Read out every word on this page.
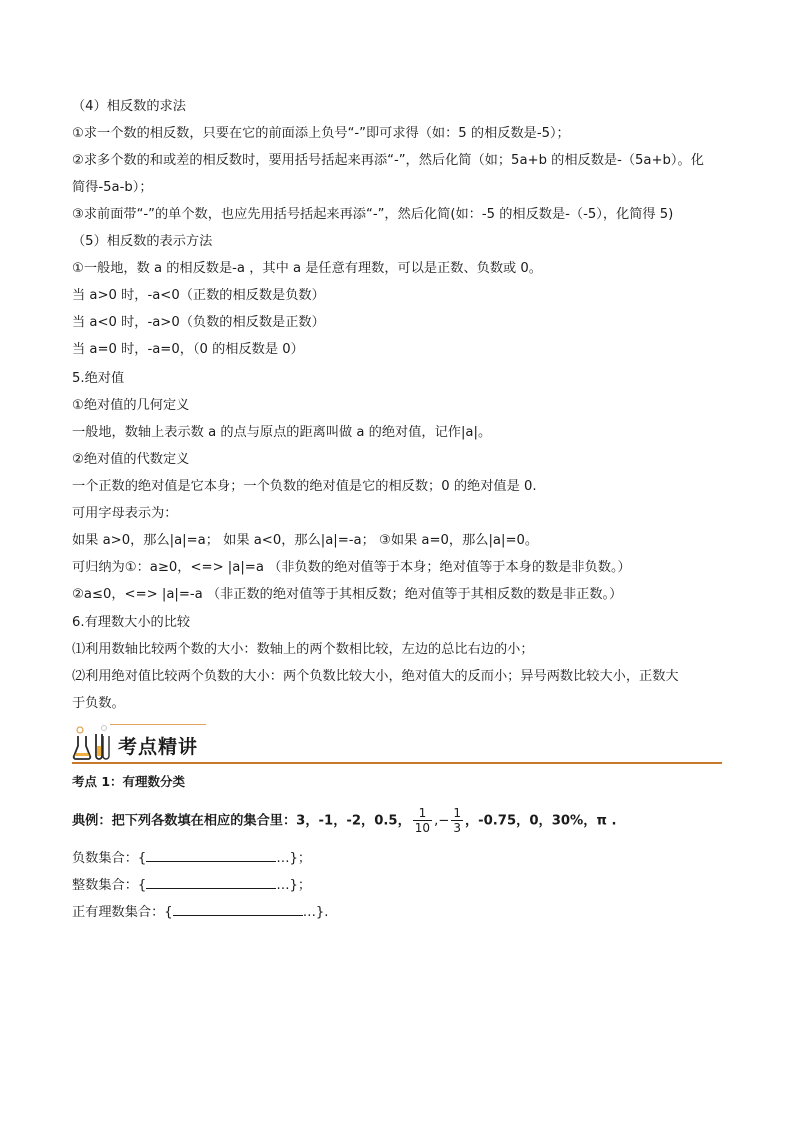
（4）相反数的求法
①求一个数的相反数，只要在它的前面添上负号“-”即可求得（如：5 的相反数是-5）；
②求多个数的和或差的相反数时，要用括号括起来再添“-”，然后化简（如；5a+b 的相反数是-（5a+b）。化
简得-5a-b）；
③求前面带“-”的单个数，也应先用括号括起来再添“-”，然后化简(如：-5 的相反数是-（-5），化简得 5)
（5）相反数的表示方法
①一般地，数 a 的相反数是-a ，其中 a 是任意有理数，可以是正数、负数或 0。
当 a>0 时，-a<0（正数的相反数是负数）
当 a<0 时，-a>0（负数的相反数是正数）
当 a=0 时，-a=0，（0 的相反数是 0）
5.绝对值
①绝对值的几何定义
一般地，数轴上表示数 a 的点与原点的距离叫做 a 的绝对值，记作|a|。
②绝对值的代数定义
一个正数的绝对值是它本身；一个负数的绝对值是它的相反数；0 的绝对值是 0.
可用字母表示为：
如果 a>0，那么|a|=a； 如果 a<0，那么|a|=-a； ③如果 a=0，那么|a|=0。
可归纳为①：a≥0，<=> |a|=a （非负数的绝对值等于本身；绝对值等于本身的数是非负数。）
②a≤0，<=> |a|=-a （非正数的绝对值等于其相反数；绝对值等于其相反数的数是非正数。）
6.有理数大小的比较
⑴利用数轴比较两个数的大小：数轴上的两个数相比较，左边的总比右边的小；
⑵利用绝对值比较两个负数的大小：两个负数比较大小，绝对值大的反而小；异号两数比较大小，正数大
于负数。
考点精讲
考点 1：有理数分类
典例：把下列各数填在相应的集合里：3，-1，-2，0.5， $\frac{1}{10}$ ,− $\frac{1}{3}$ ，-0.75，0，30%，π .
负数集合：{	…}；
整数集合：{	…}；
正有理数集合：{	…}.
